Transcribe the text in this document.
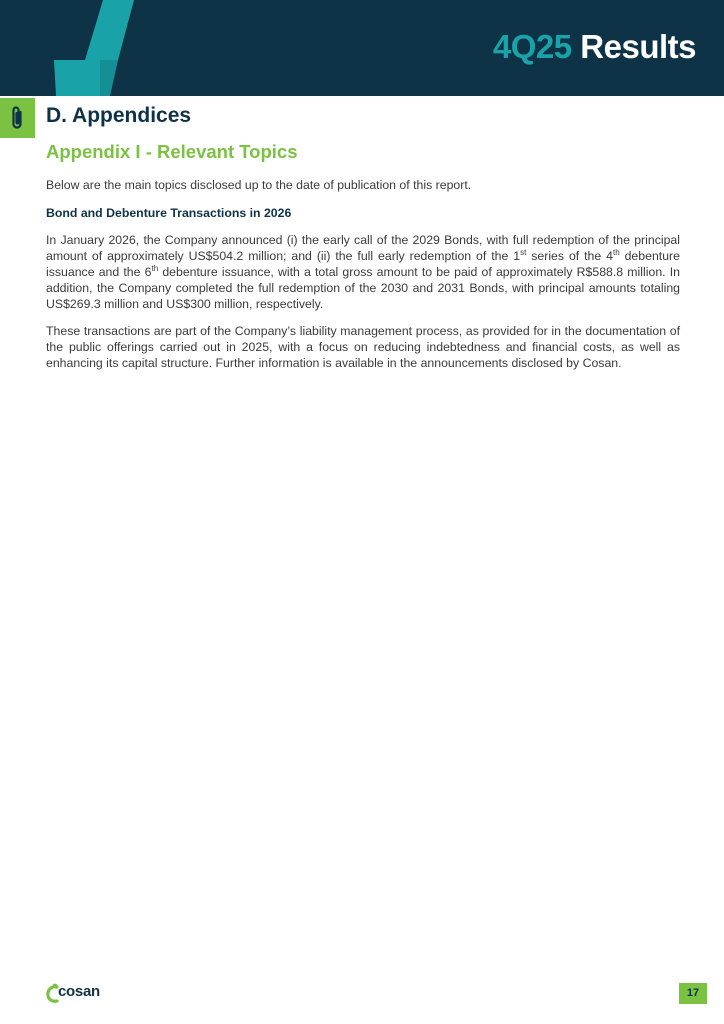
4Q25 Results
D. Appendices
Appendix I - Relevant Topics

Below are the main topics disclosed up to the date of publication of this report.

Bond and Debenture Transactions in 2026

In January 2026, the Company announced (i) the early call of the 2029 Bonds, with full redemption of the principal amount of approximately US$504.2 million; and (ii) the full early redemption of the 1st series of the 4th debenture issuance and the 6th debenture issuance, with a total gross amount to be paid of approximately R$588.8 million. In addition, the Company completed the full redemption of the 2030 and 2031 Bonds, with principal amounts totaling US$269.3 million and US$300 million, respectively.

These transactions are part of the Company’s liability management process, as provided for in the documentation of the public offerings carried out in 2025, with a focus on reducing indebtedness and financial costs, as well as enhancing its capital structure. Further information is available in the announcements disclosed by Cosan.

cosan	17
